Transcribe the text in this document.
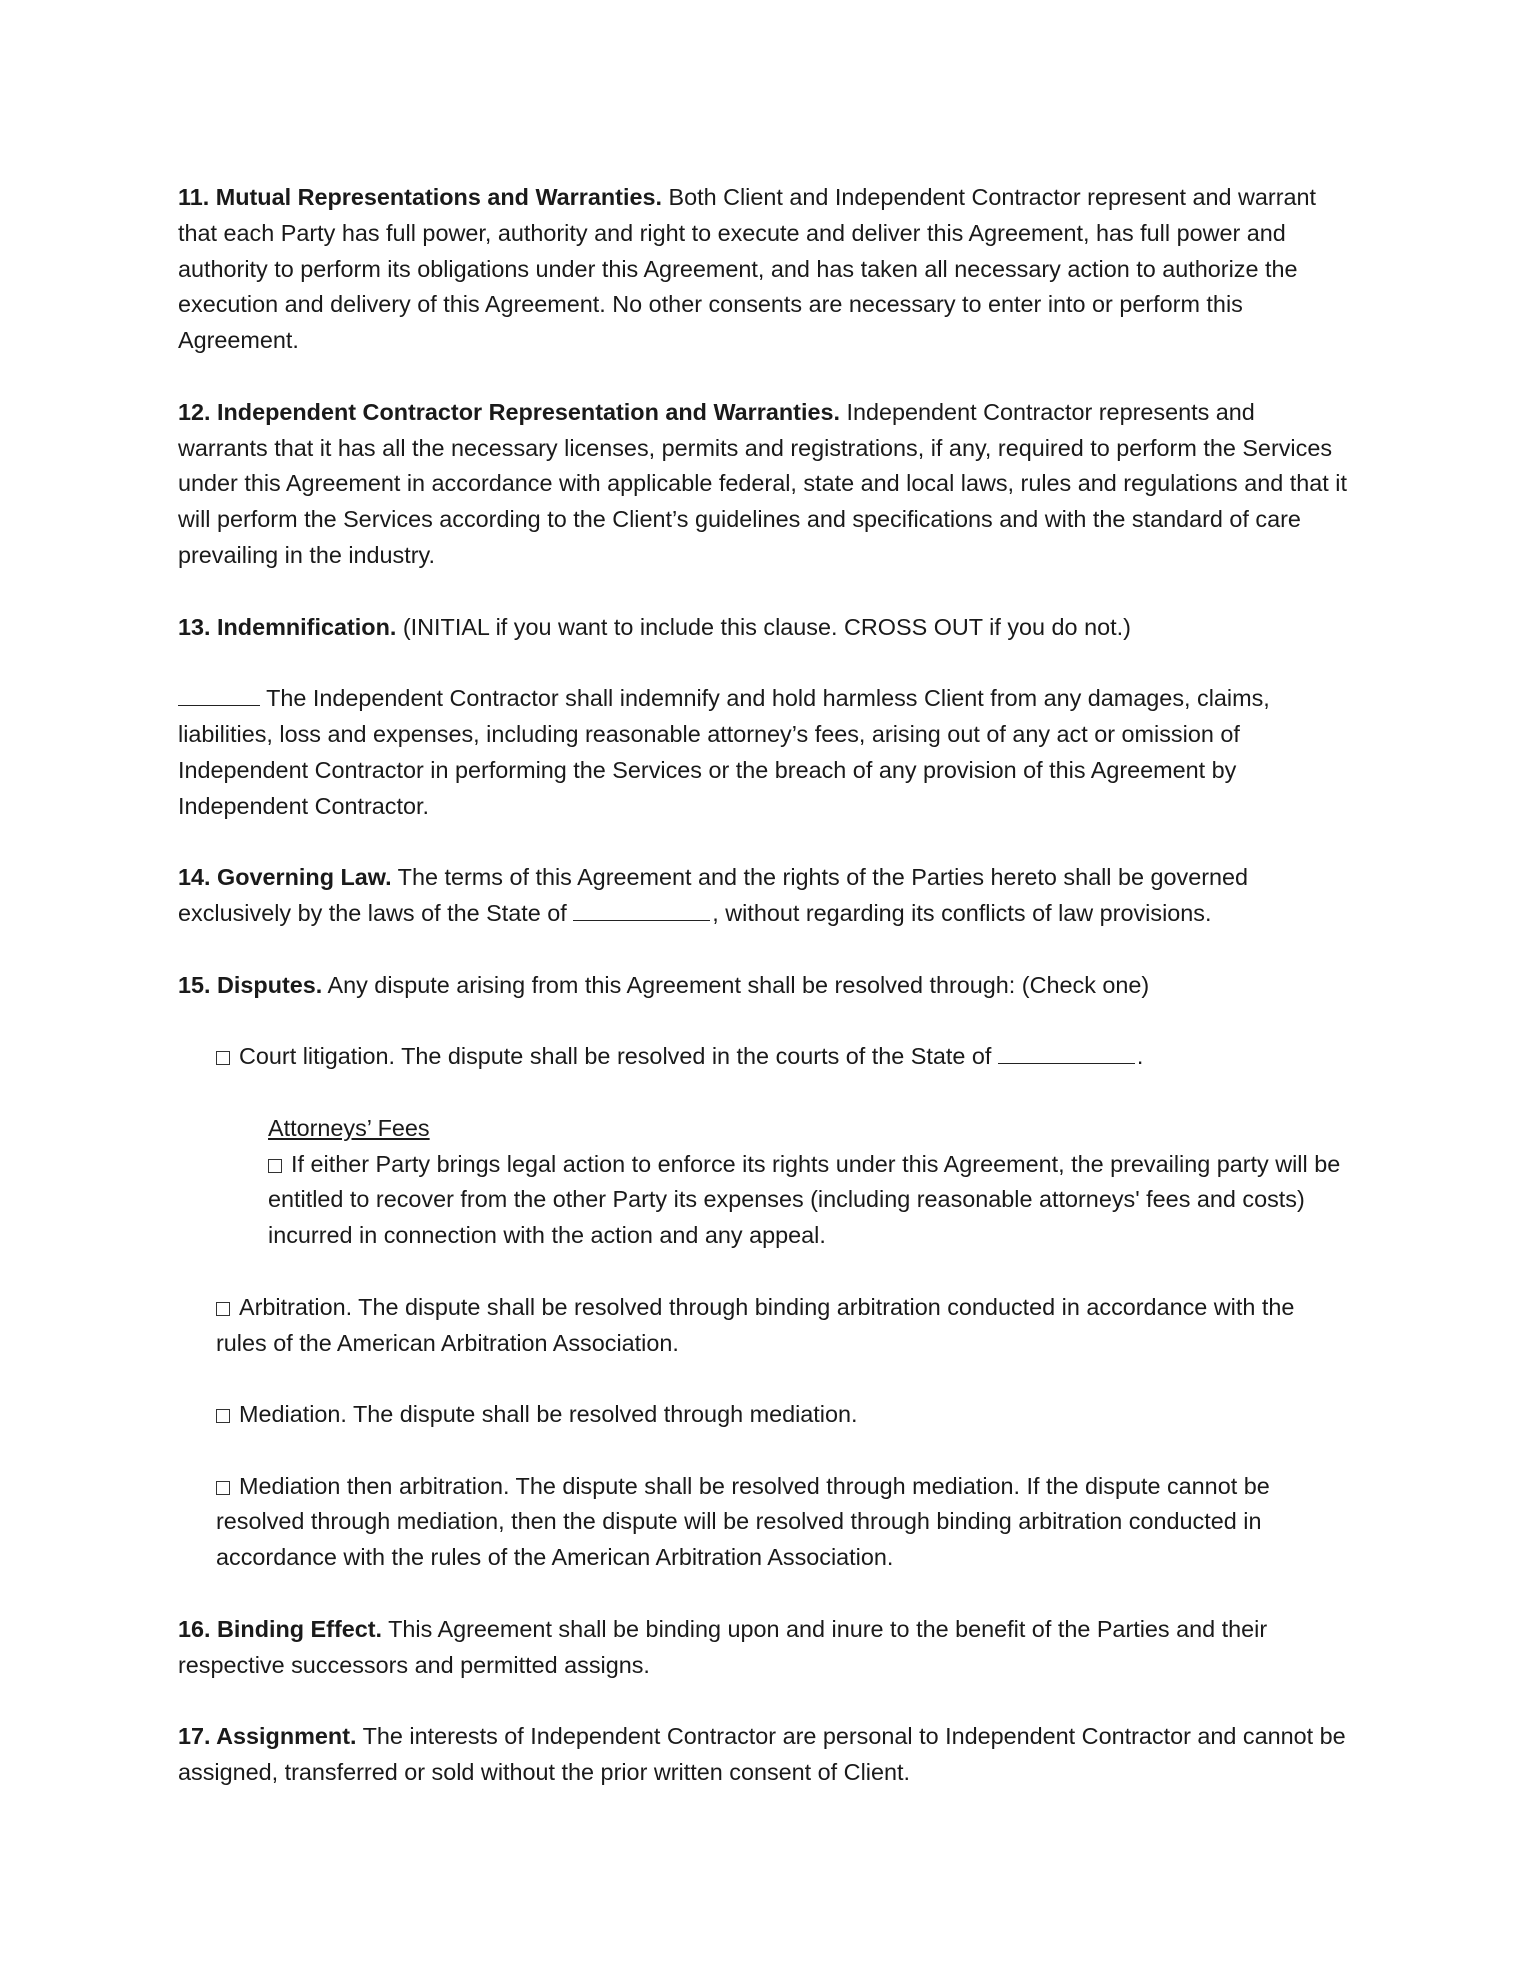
11. Mutual Representations and Warranties. Both Client and Independent Contractor represent and warrant that each Party has full power, authority and right to execute and deliver this Agreement, has full power and authority to perform its obligations under this Agreement, and has taken all necessary action to authorize the execution and delivery of this Agreement. No other consents are necessary to enter into or perform this Agreement.

12. Independent Contractor Representation and Warranties. Independent Contractor represents and warrants that it has all the necessary licenses, permits and registrations, if any, required to perform the Services under this Agreement in accordance with applicable federal, state and local laws, rules and regulations and that it will perform the Services according to the Client’s guidelines and specifications and with the standard of care prevailing in the industry.

13. Indemnification. (INITIAL if you want to include this clause. CROSS OUT if you do not.)

The Independent Contractor shall indemnify and hold harmless Client from any damages, claims, liabilities, loss and expenses, including reasonable attorney’s fees, arising out of any act or omission of Independent Contractor in performing the Services or the breach of any provision of this Agreement by Independent Contractor.

14. Governing Law. The terms of this Agreement and the rights of the Parties hereto shall be governed exclusively by the laws of the State of	, without regarding its conflicts of law provisions.

15. Disputes. Any dispute arising from this Agreement shall be resolved through: (Check one)

Court litigation. The dispute shall be resolved in the courts of the State of	.

Attorneys’ Fees

If either Party brings legal action to enforce its rights under this Agreement, the prevailing party will be entitled to recover from the other Party its expenses (including reasonable attorneys' fees and costs) incurred in connection with the action and any appeal.

Arbitration. The dispute shall be resolved through binding arbitration conducted in accordance with the rules of the American Arbitration Association.

Mediation. The dispute shall be resolved through mediation.

Mediation then arbitration. The dispute shall be resolved through mediation. If the dispute cannot be resolved through mediation, then the dispute will be resolved through binding arbitration conducted in accordance with the rules of the American Arbitration Association.

16. Binding Effect. This Agreement shall be binding upon and inure to the benefit of the Parties and their respective successors and permitted assigns.

17. Assignment. The interests of Independent Contractor are personal to Independent Contractor and cannot be assigned, transferred or sold without the prior written consent of Client.
